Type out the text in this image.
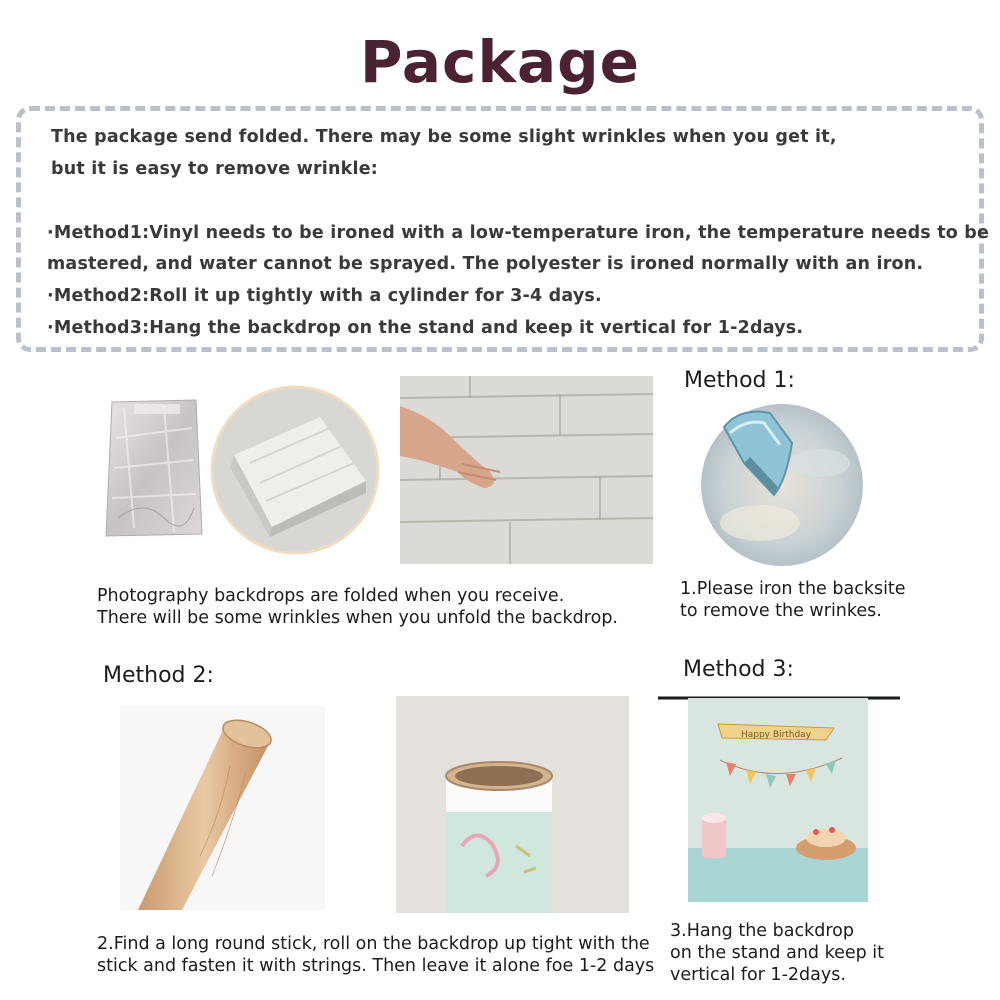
Package
The package send folded. There may be some slight wrinkles when you get it,
but it is easy to remove wrinkle:
·Method1:Vinyl needs to be ironed with a low-temperature iron, the temperature needs to be
mastered, and water cannot be sprayed. The polyester is ironed normally with an iron.
·Method2:Roll it up tightly with a cylinder for 3-4 days.
·Method3:Hang the backdrop on the stand and keep it vertical for 1-2days.
Method 1:
Photography backdrops are folded when you receive.
There will be some wrinkles when you unfold the backdrop.
1.Please iron the backsite
to remove the wrinkes.
Method 2:	Method 3:
Happy Birthday
2.Find a long round stick, roll on the backdrop up tight with the
stick and fasten it with strings. Then leave it alone foe 1-2 days
3.Hang the backdrop
on the stand and keep it
vertical for 1-2days.
